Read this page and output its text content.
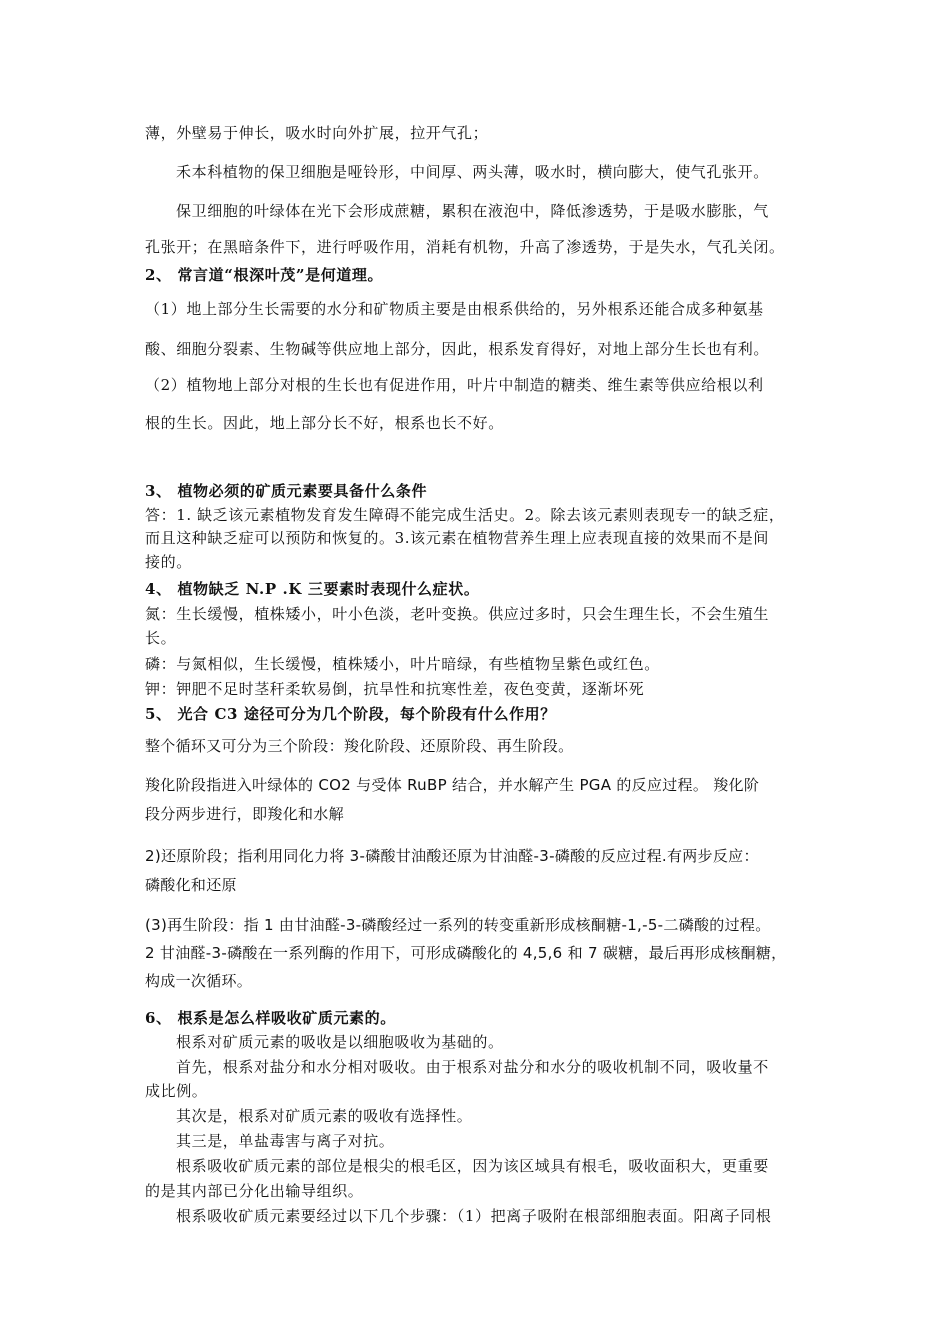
薄，外壁易于伸长，吸水时向外扩展，拉开气孔；
禾本科植物的保卫细胞是哑铃形，中间厚、两头薄，吸水时，横向膨大，使气孔张开。
保卫细胞的叶绿体在光下会形成蔗糖，累积在液泡中，降低渗透势，于是吸水膨胀，气
孔张开；在黑暗条件下，进行呼吸作用，消耗有机物，升高了渗透势，于是失水，气孔关闭。
2、 常言道“根深叶茂”是何道理。
（1）地上部分生长需要的水分和矿物质主要是由根系供给的，另外根系还能合成多种氨基
酸、细胞分裂素、生物碱等供应地上部分，因此，根系发育得好，对地上部分生长也有利。
（2）植物地上部分对根的生长也有促进作用，叶片中制造的糖类、维生素等供应给根以利
根的生长。因此，地上部分长不好，根系也长不好。
3、 植物必须的矿质元素要具备什么条件
答：1. 缺乏该元素植物发育发生障碍不能完成生活史。2。除去该元素则表现专一的缺乏症，
而且这种缺乏症可以预防和恢复的。3.该元素在植物营养生理上应表现直接的效果而不是间
接的。
4、 植物缺乏 N.P .K 三要素时表现什么症状。
氮：生长缓慢，植株矮小，叶小色淡，老叶变换。供应过多时，只会生理生长，不会生殖生
长。
磷：与氮相似，生长缓慢，植株矮小，叶片暗绿，有些植物呈紫色或红色。
钾：钾肥不足时茎秆柔软易倒，抗旱性和抗寒性差，夜色变黄，逐渐坏死
5、 光合 C3 途径可分为几个阶段，每个阶段有什么作用？
整个循环又可分为三个阶段：羧化阶段、还原阶段、再生阶段。
羧化阶段指进入叶绿体的 CO2 与受体 RuBP 结合，并水解产生 PGA 的反应过程。 羧化阶
段分两步进行，即羧化和水解
2)还原阶段；指利用同化力将 3-磷酸甘油酸还原为甘油醛-3-磷酸的反应过程.有两步反应：
磷酸化和还原
(3)再生阶段：指 1 由甘油醛-3-磷酸经过一系列的转变重新形成核酮糖-1,-5-二磷酸的过程。
2 甘油醛-3-磷酸在一系列酶的作用下，可形成磷酸化的 4,5,6 和 7 碳糖，最后再形成核酮糖，
构成一次循环。
6、 根系是怎么样吸收矿质元素的。
根系对矿质元素的吸收是以细胞吸收为基础的。
首先，根系对盐分和水分相对吸收。由于根系对盐分和水分的吸收机制不同，吸收量不
成比例。
其次是，根系对矿质元素的吸收有选择性。
其三是，单盐毒害与离子对抗。
根系吸收矿质元素的部位是根尖的根毛区，因为该区域具有根毛，吸收面积大，更重要
的是其内部已分化出输导组织。
根系吸收矿质元素要经过以下几个步骤：（1）把离子吸附在根部细胞表面。阳离子同根
